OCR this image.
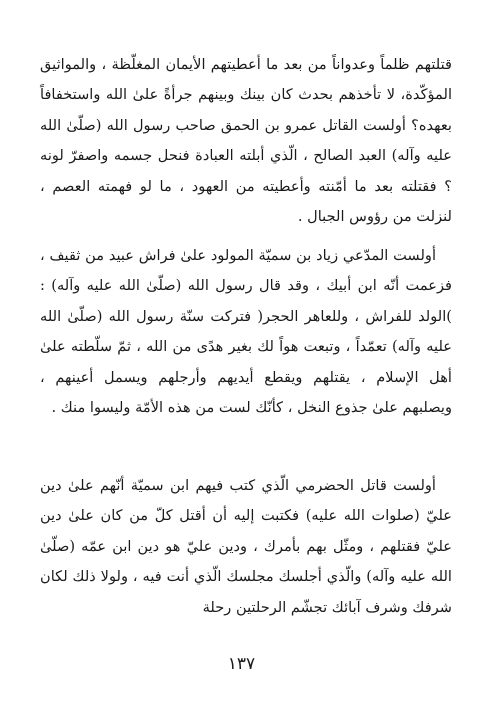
قتلتهم ظلماً وعدواناً من بعد ما أعطيتهم الأيمان المغلّظة ، والمواثيق المؤكّدة، لا تأخذهم بحدث كان بينك وبينهم جرأةً علىٰ الله واستخفافاً بعهده؟ أولست القاتل عمرو بن الحمق صاحب رسول الله (صلّىٰ الله عليه وآله) العبد الصالح ، الّذي أبلته العبادة فنحل جسمه واصفرّ لونه ؟ فقتلته بعد ما أمّنته وأعطيته من العهود ، ما لو فهمته العصم ، لنزلت من رؤوس الجبال .

أولست المدّعي زياد بن سميّة المولود علىٰ فراش عبيد من ثقيف ، فزعمت أنّه ابن أبيك ، وقد قال رسول الله (صلّىٰ الله عليه وآله) : )الولد للفراش ، وللعاهر الحجر( فتركت سنّة رسول الله (صلّىٰ الله عليه وآله) تعمّداً ، وتبعت هواً لك بغير هدًى من الله ، ثمّ سلّطته علىٰ أهل الإسلام ، يقتلهم ويقطع أيديهم وأرجلهم ويسمل أعينهم ، ويصلبهم علىٰ جذوع النخل ، كأنّك لست من هذه الأمّة وليسوا منك .

أولست قاتل الحضرمي الّذي كتب فيهم ابن سميّة أنّهم علىٰ دين عليّ (صلوات الله عليه) فكتبت إليه أن أقتل كلّ من كان علىٰ دين عليّ فقتلهم ، ومثّل بهم بأمرك ، ودين عليّ هو دين ابن عمّه (صلّىٰ الله عليه وآله) والّذي أجلسك مجلسك الّذي أنت فيه ، ولولا ذلك لكان شرفك وشرف آبائك تجشّم الرحلتين رحلة

١٣٧
